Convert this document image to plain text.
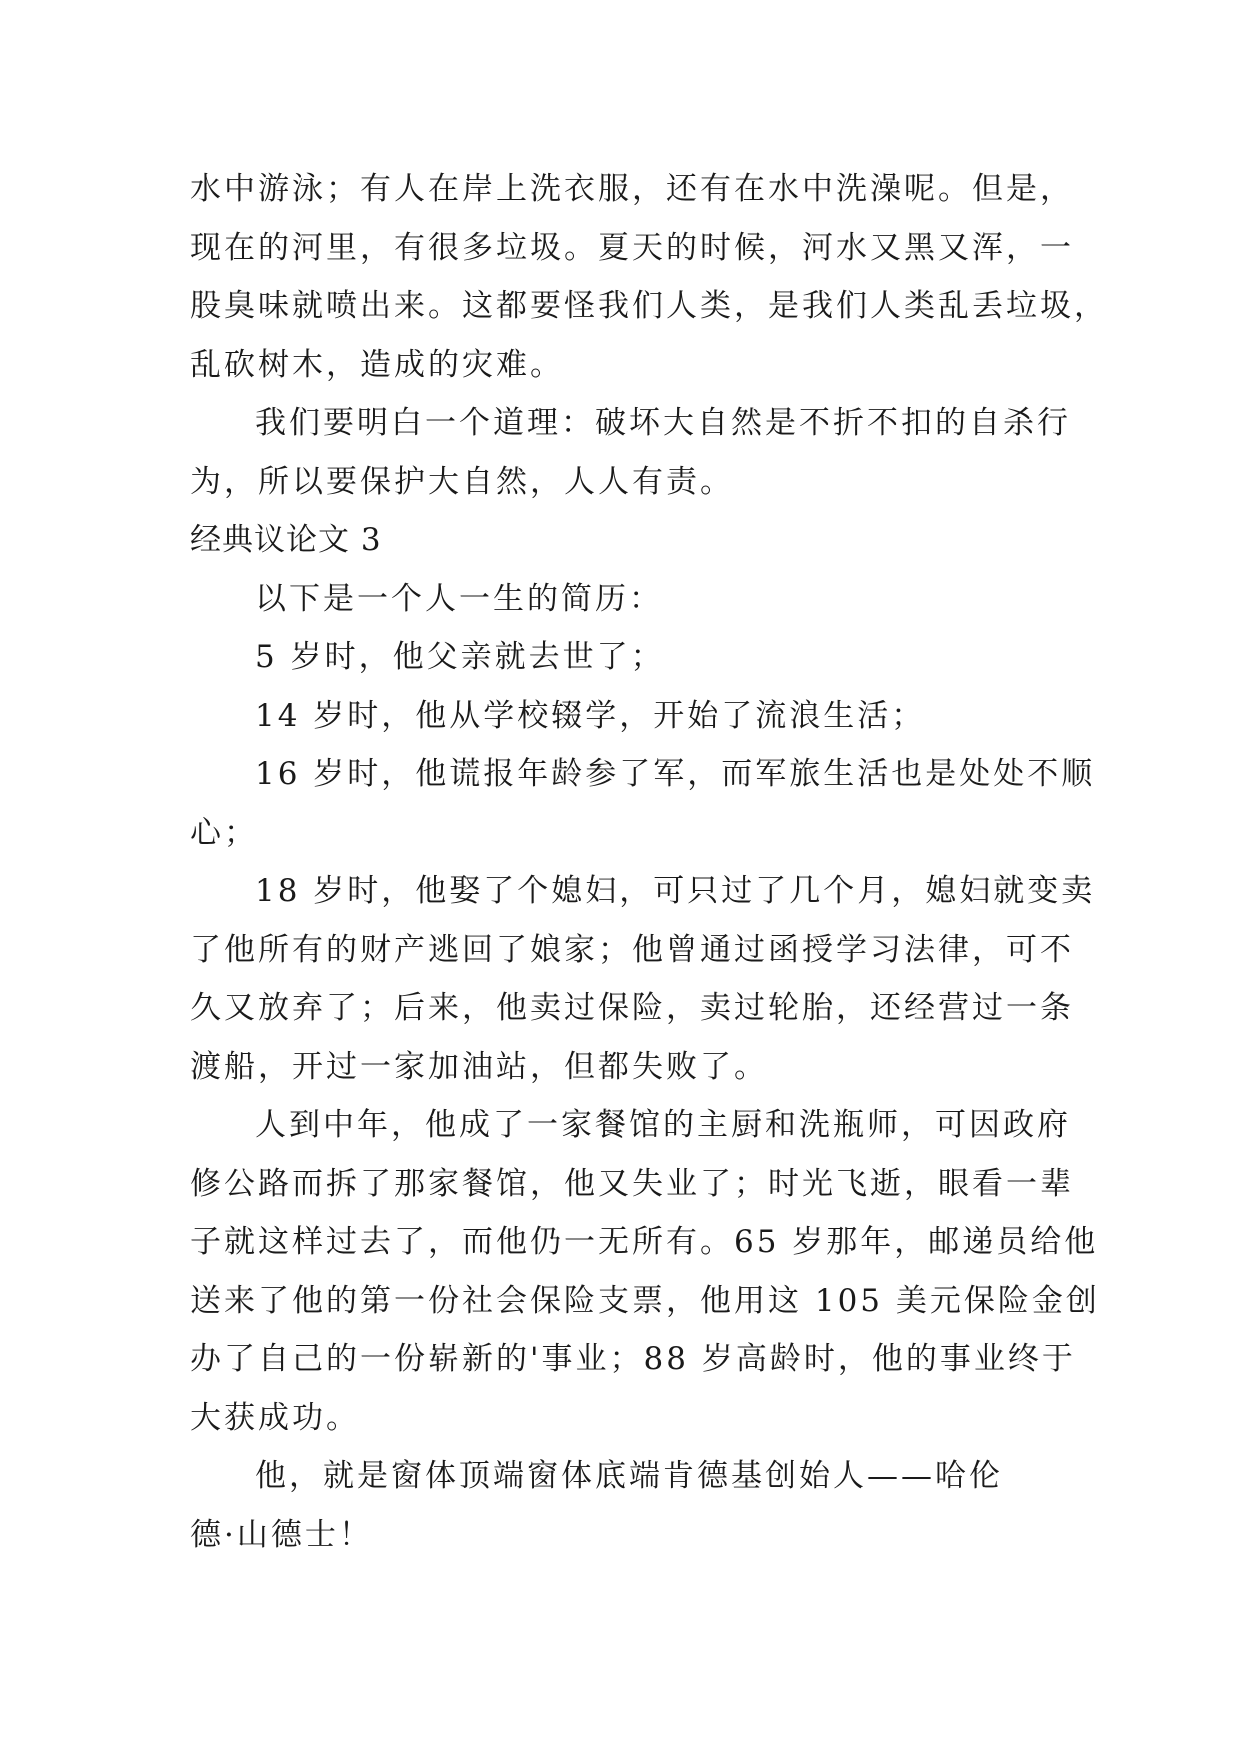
水中游泳；有人在岸上洗衣服，还有在水中洗澡呢。但是，
现在的河里，有很多垃圾。夏天的时候，河水又黑又浑，一
股臭味就喷出来。这都要怪我们人类，是我们人类乱丢垃圾，
乱砍树木，造成的灾难。
我们要明白一个道理：破坏大自然是不折不扣的自杀行
为，所以要保护大自然，人人有责。
经典议论文 3
以下是一个人一生的简历：
5 岁时，他父亲就去世了；
14 岁时，他从学校辍学，开始了流浪生活；
16 岁时，他谎报年龄参了军，而军旅生活也是处处不顺
心；
18 岁时，他娶了个媳妇，可只过了几个月，媳妇就变卖
了他所有的财产逃回了娘家；他曾通过函授学习法律，可不
久又放弃了；后来，他卖过保险，卖过轮胎，还经营过一条
渡船，开过一家加油站，但都失败了。
人到中年，他成了一家餐馆的主厨和洗瓶师，可因政府
修公路而拆了那家餐馆，他又失业了；时光飞逝，眼看一辈
子就这样过去了，而他仍一无所有。65 岁那年，邮递员给他
送来了他的第一份社会保险支票，他用这 105 美元保险金创
办了自己的一份崭新的'事业；88 岁高龄时，他的事业终于
大获成功。
他，就是窗体顶端窗体底端肯德基创始人——哈伦
德·山德士！
